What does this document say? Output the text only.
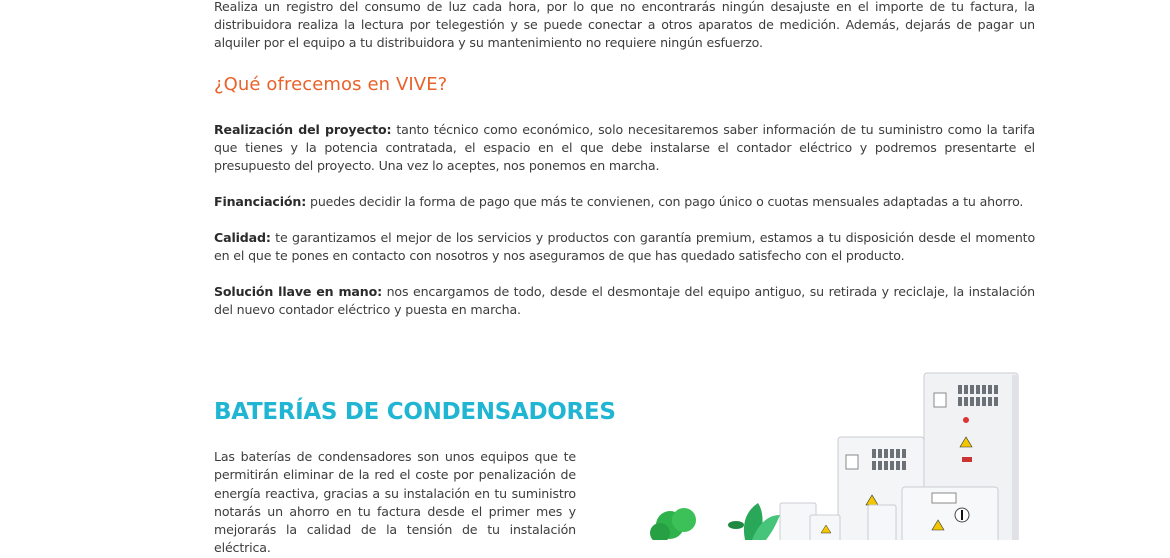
Realiza un registro del consumo de luz cada hora, por lo que no encontrarás ningún desajuste en el importe de tu factura, la distribuidora realiza la lectura por telegestión y se puede conectar a otros aparatos de medición. Además, dejarás de pagar un alquiler por el equipo a tu distribuidora y su mantenimiento no requiere ningún esfuerzo.

¿Qué ofrecemos en VIVE?

Realización del proyecto: tanto técnico como económico, solo necesitaremos saber información de tu suministro como la tarifa que tienes y la potencia contratada, el espacio en el que debe instalarse el contador eléctrico y podremos presentarte el presupuesto del proyecto. Una vez lo aceptes, nos ponemos en marcha.

Financiación: puedes decidir la forma de pago que más te convienen, con pago único o cuotas mensuales adaptadas a tu ahorro.

Calidad: te garantizamos el mejor de los servicios y productos con garantía premium, estamos a tu disposición desde el momento en el que te pones en contacto con nosotros y nos aseguramos de que has quedado satisfecho con el producto.

Solución llave en mano: nos encargamos de todo, desde el desmontaje del equipo antiguo, su retirada y reciclaje, la instalación del nuevo contador eléctrico y puesta en marcha.

BATERÍAS DE CONDENSADORES

Las baterías de condensadores son unos equipos que te permitirán eliminar de la red el coste por penalización de energía reactiva, gracias a su instalación en tu suministro notarás un ahorro en tu factura desde el primer mes y mejorarás la calidad de la tensión de tu instalación eléctrica.
